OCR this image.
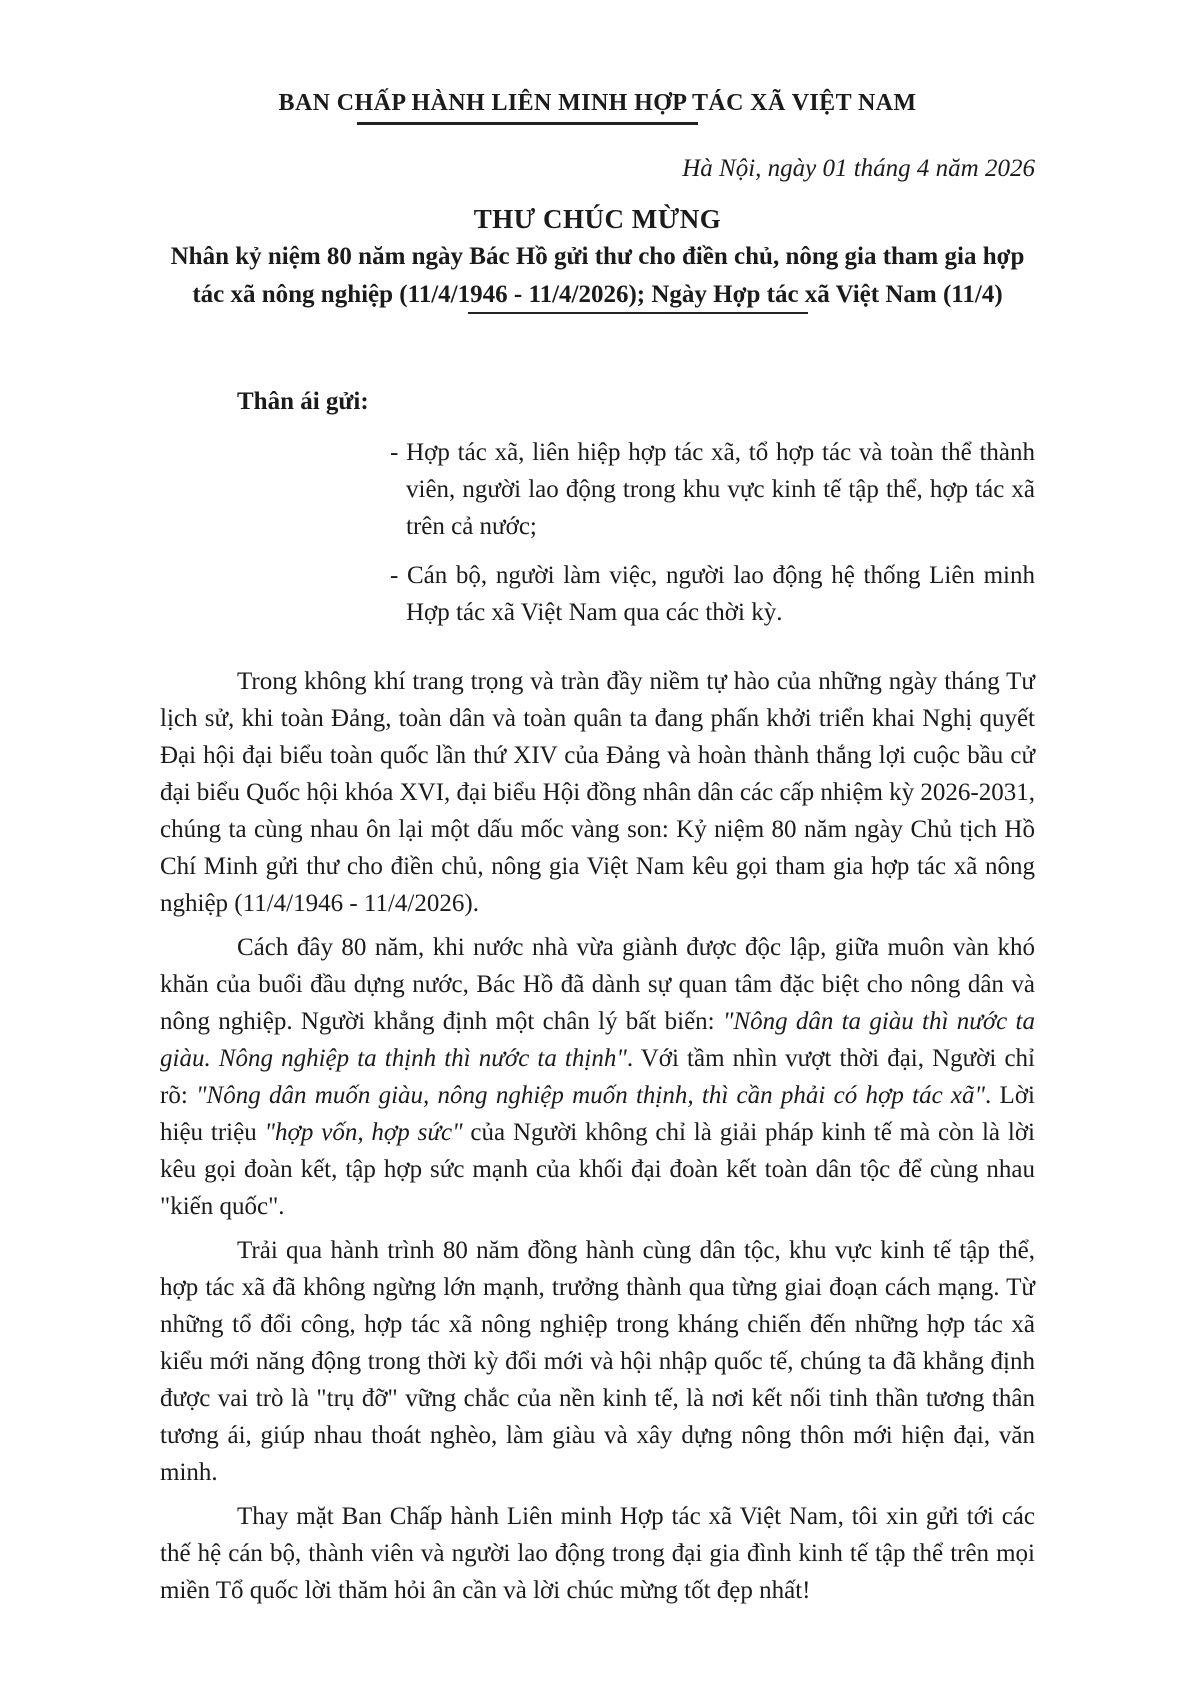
BAN CHẤP HÀNH LIÊN MINH HỢP TÁC XÃ VIỆT NAM
Hà Nội, ngày 01 tháng 4 năm 2026
THƯ CHÚC MỪNG
Nhân kỷ niệm 80 năm ngày Bác Hồ gửi thư cho điền chủ, nông gia tham gia hợp tác xã nông nghiệp (11/4/1946 - 11/4/2026); Ngày Hợp tác xã Việt Nam (11/4)
Thân ái gửi:

- Hợp tác xã, liên hiệp hợp tác xã, tổ hợp tác và toàn thể thành viên, người lao động trong khu vực kinh tế tập thể, hợp tác xã trên cả nước;

- Cán bộ, người làm việc, người lao động hệ thống Liên minh Hợp tác xã Việt Nam qua các thời kỳ.

Trong không khí trang trọng và tràn đầy niềm tự hào của những ngày tháng Tư lịch sử, khi toàn Đảng, toàn dân và toàn quân ta đang phấn khởi triển khai Nghị quyết Đại hội đại biểu toàn quốc lần thứ XIV của Đảng và hoàn thành thắng lợi cuộc bầu cử đại biểu Quốc hội khóa XVI, đại biểu Hội đồng nhân dân các cấp nhiệm kỳ 2026-2031, chúng ta cùng nhau ôn lại một dấu mốc vàng son: Kỷ niệm 80 năm ngày Chủ tịch Hồ Chí Minh gửi thư cho điền chủ, nông gia Việt Nam kêu gọi tham gia hợp tác xã nông nghiệp (11/4/1946 - 11/4/2026).

Cách đây 80 năm, khi nước nhà vừa giành được độc lập, giữa muôn vàn khó khăn của buổi đầu dựng nước, Bác Hồ đã dành sự quan tâm đặc biệt cho nông dân và nông nghiệp. Người khẳng định một chân lý bất biến: "Nông dân ta giàu thì nước ta giàu. Nông nghiệp ta thịnh thì nước ta thịnh". Với tầm nhìn vượt thời đại, Người chỉ rõ: "Nông dân muốn giàu, nông nghiệp muốn thịnh, thì cần phải có hợp tác xã". Lời hiệu triệu "hợp vốn, hợp sức" của Người không chỉ là giải pháp kinh tế mà còn là lời kêu gọi đoàn kết, tập hợp sức mạnh của khối đại đoàn kết toàn dân tộc để cùng nhau "kiến quốc".

Trải qua hành trình 80 năm đồng hành cùng dân tộc, khu vực kinh tế tập thể, hợp tác xã đã không ngừng lớn mạnh, trưởng thành qua từng giai đoạn cách mạng. Từ những tổ đổi công, hợp tác xã nông nghiệp trong kháng chiến đến những hợp tác xã kiểu mới năng động trong thời kỳ đổi mới và hội nhập quốc tế, chúng ta đã khẳng định được vai trò là "trụ đỡ" vững chắc của nền kinh tế, là nơi kết nối tinh thần tương thân tương ái, giúp nhau thoát nghèo, làm giàu và xây dựng nông thôn mới hiện đại, văn minh.

Thay mặt Ban Chấp hành Liên minh Hợp tác xã Việt Nam, tôi xin gửi tới các thế hệ cán bộ, thành viên và người lao động trong đại gia đình kinh tế tập thể trên mọi miền Tổ quốc lời thăm hỏi ân cần và lời chúc mừng tốt đẹp nhất!
